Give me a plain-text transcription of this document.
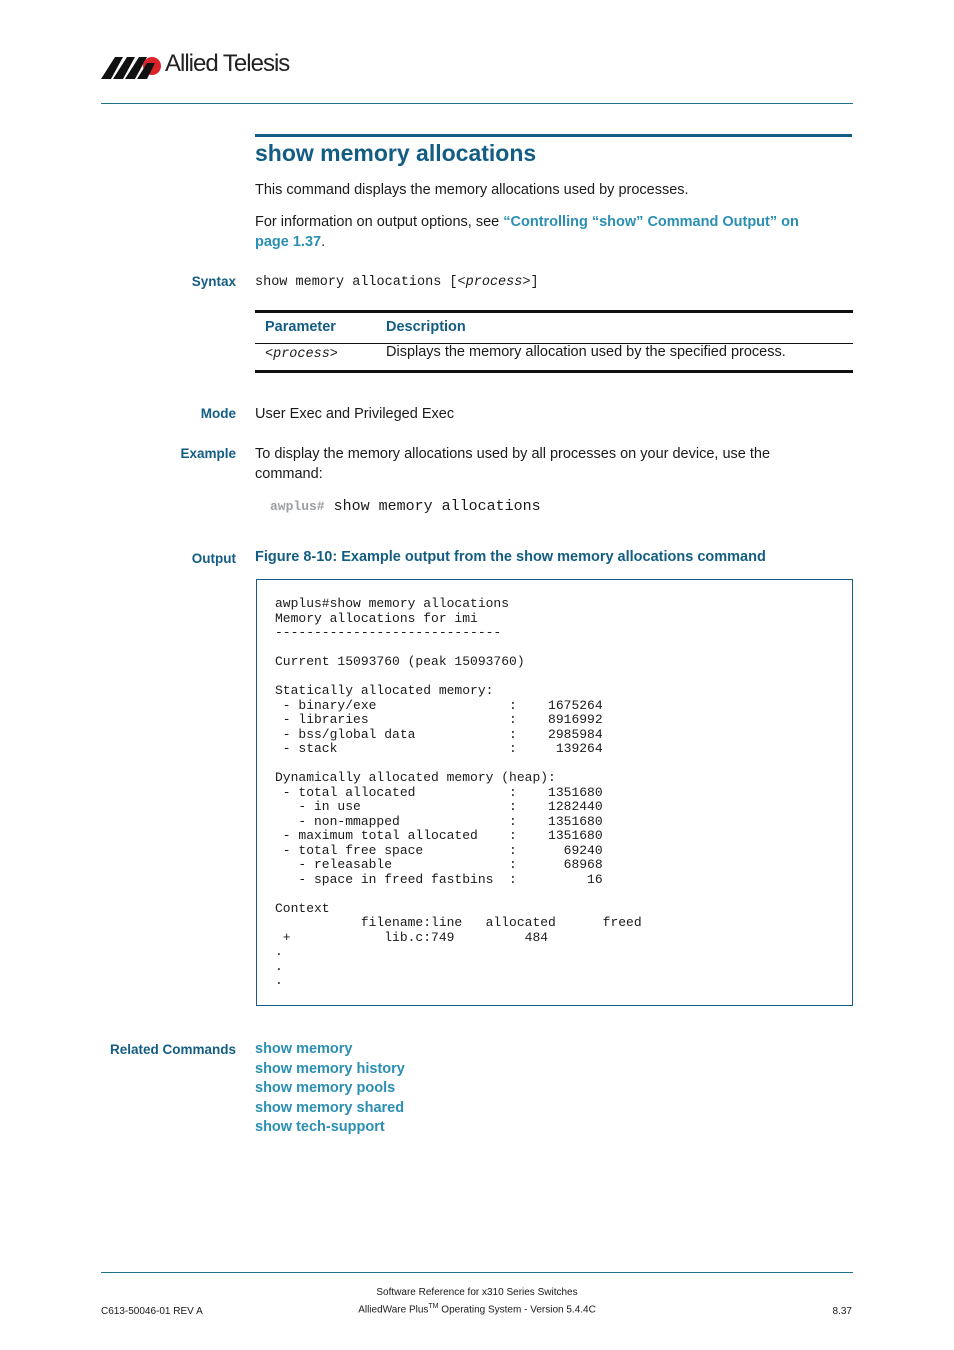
Allied Telesis
show memory allocations
This command displays the memory allocations used by processes.
For information on output options, see “Controlling “show” Command Output” on
page 1.37.
Syntax show memory allocations [<process>]
Parameter	Description
<process>	Displays the memory allocation used by the specified process.
Mode User Exec and Privileged Exec
Example To display the memory allocations used by all processes on your device, use the
command:
awplus# show memory allocations
Output Figure 8-10: Example output from the show memory allocations command
awplus#show memory allocations
Memory allocations for imi
-----------------------------

Current 15093760 (peak 15093760)

Statically allocated memory:
- binary/exe                 :    1675264
- libraries                  :    8916992
- bss/global data            :    2985984
- stack                      :     139264

Dynamically allocated memory (heap):
- total allocated            :    1351680
- in use                   :    1282440
- non-mmapped              :    1351680
- maximum total allocated    :    1351680
- total free space           :      69240
- releasable               :      68968
- space in freed fastbins  :         16

Context
filename:line   allocated      freed
+            lib.c:749         484
.
.
.
Related Commands show memory
show memory history
show memory pools
show memory shared
show tech-support
C613-50046-01 REV A
Software Reference for x310 Series Switches
AlliedWare Plus™ Operating System - Version 5.4.4C	8.37
